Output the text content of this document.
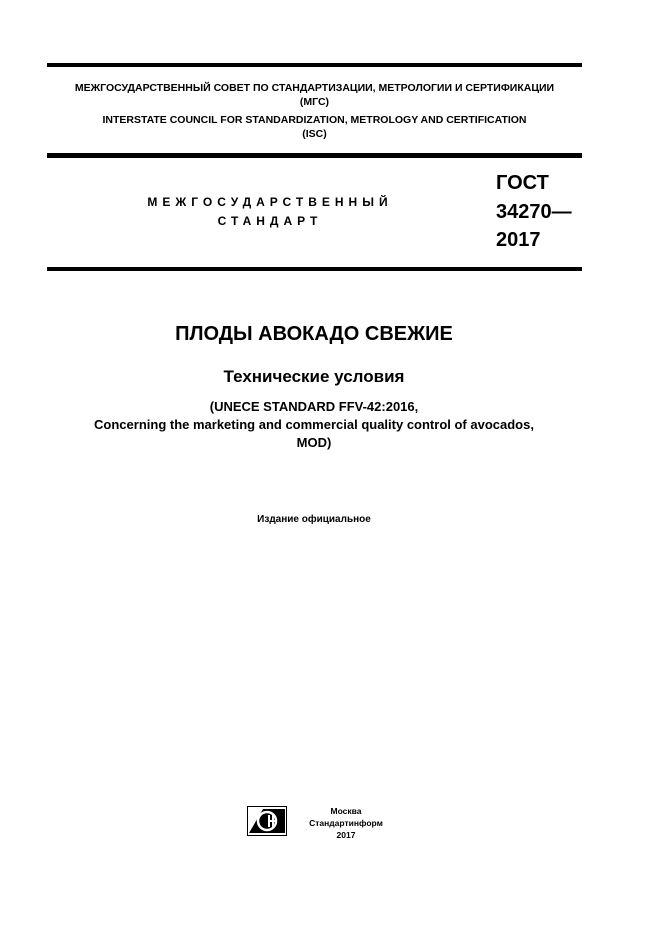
МЕЖГОСУДАРСТВЕННЫЙ СОВЕТ ПО СТАНДАРТИЗАЦИИ, МЕТРОЛОГИИ И СЕРТИФИКАЦИИ
(МГС)
INTERSTATE COUNCIL FOR STANDARDIZATION, METROLOGY AND CERTIFICATION
(ISC)
МЕЖГОСУДАРСТВЕННЫЙ
СТАНДАРТ
ГОСТ
34270—
2017
ПЛОДЫ АВОКАДО СВЕЖИЕ
Технические условия
(UNECE STANDARD FFV-42:2016,
Concerning the marketing and commercial quality control of avocados,
MOD)
Издание официальное
Москва
Стандартинформ
2017
